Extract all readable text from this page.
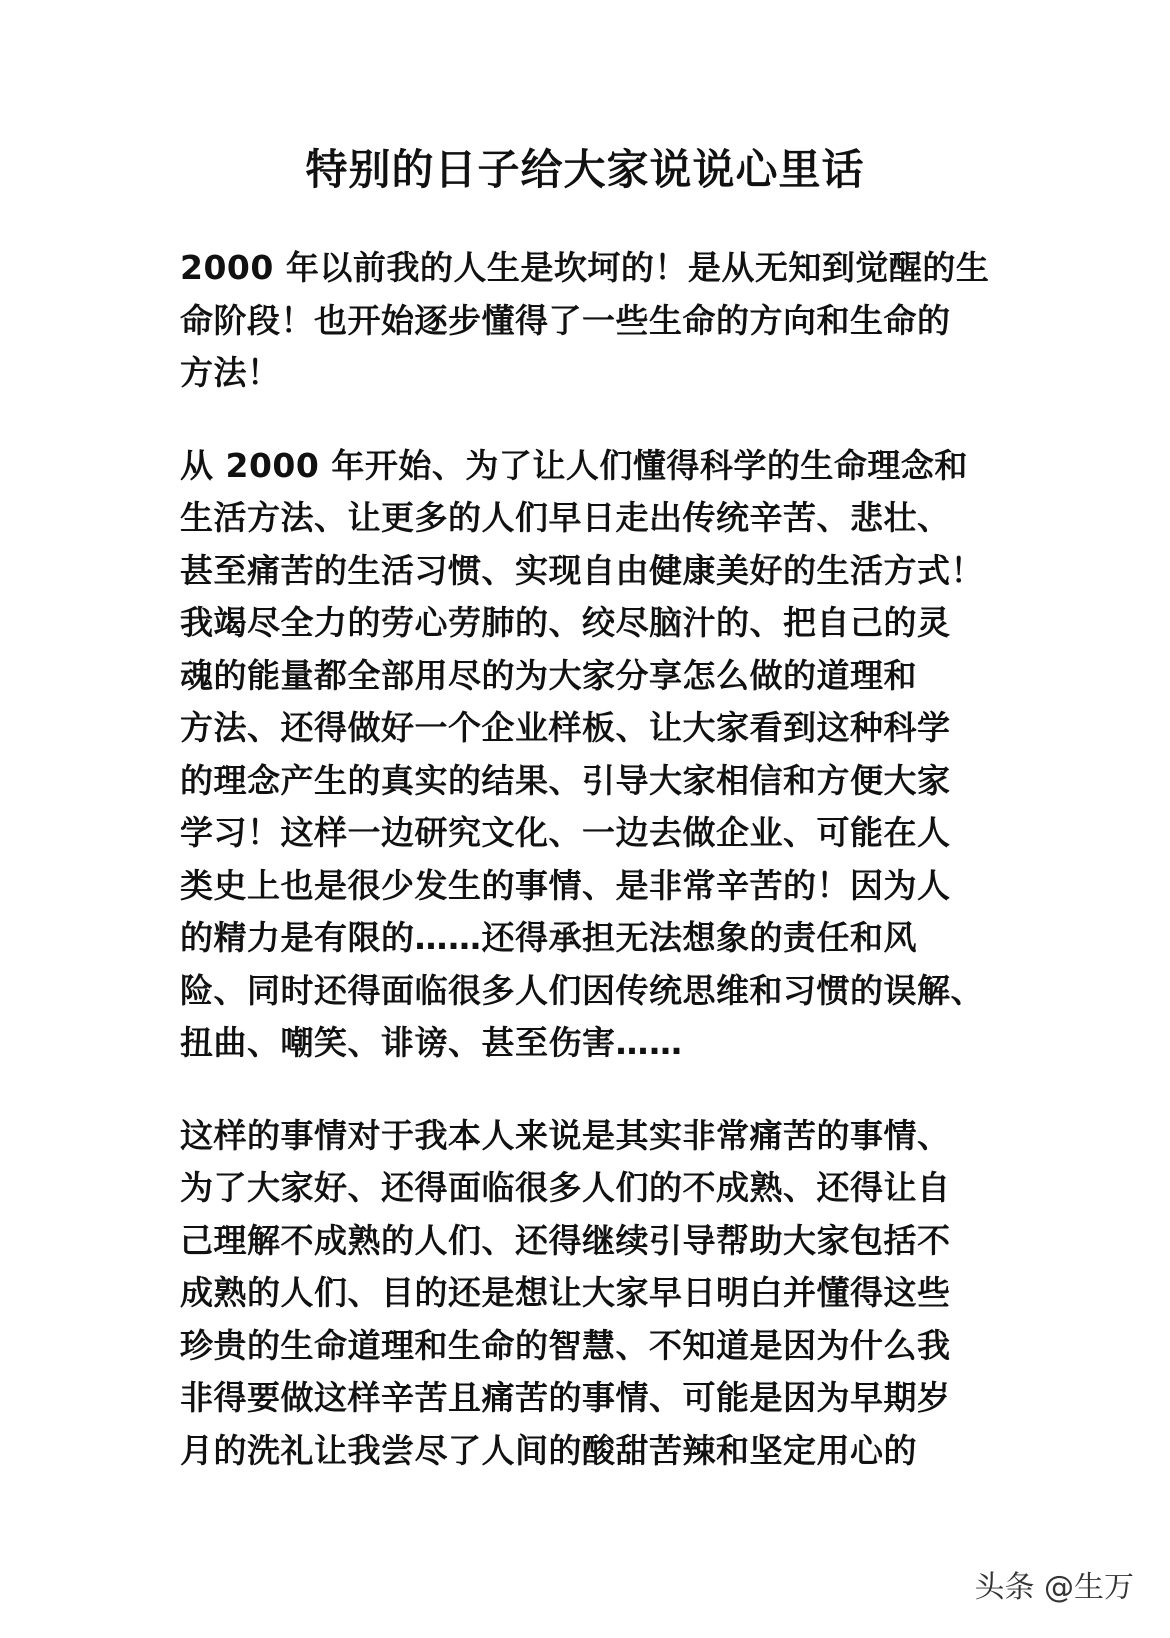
特别的日子给大家说说心里话
2000 年以前我的人生是坎坷的！是从无知到觉醒的生
命阶段！也开始逐步懂得了一些生命的方向和生命的
方法！
从 2000 年开始、为了让人们懂得科学的生命理念和
生活方法、让更多的人们早日走出传统辛苦、悲壮、
甚至痛苦的生活习惯、实现自由健康美好的生活方式！
我竭尽全力的劳心劳肺的、绞尽脑汁的、把自己的灵
魂的能量都全部用尽的为大家分享怎么做的道理和
方法、还得做好一个企业样板、让大家看到这种科学
的理念产生的真实的结果、引导大家相信和方便大家
学习！这样一边研究文化、一边去做企业、可能在人
类史上也是很少发生的事情、是非常辛苦的！因为人
的精力是有限的……还得承担无法想象的责任和风
险、同时还得面临很多人们因传统思维和习惯的误解、
扭曲、嘲笑、诽谤、甚至伤害……
这样的事情对于我本人来说是其实非常痛苦的事情、
为了大家好、还得面临很多人们的不成熟、还得让自
己理解不成熟的人们、还得继续引导帮助大家包括不
成熟的人们、目的还是想让大家早日明白并懂得这些
珍贵的生命道理和生命的智慧、不知道是因为什么我
非得要做这样辛苦且痛苦的事情、可能是因为早期岁
月的洗礼让我尝尽了人间的酸甜苦辣和坚定用心的
头条 @生万
